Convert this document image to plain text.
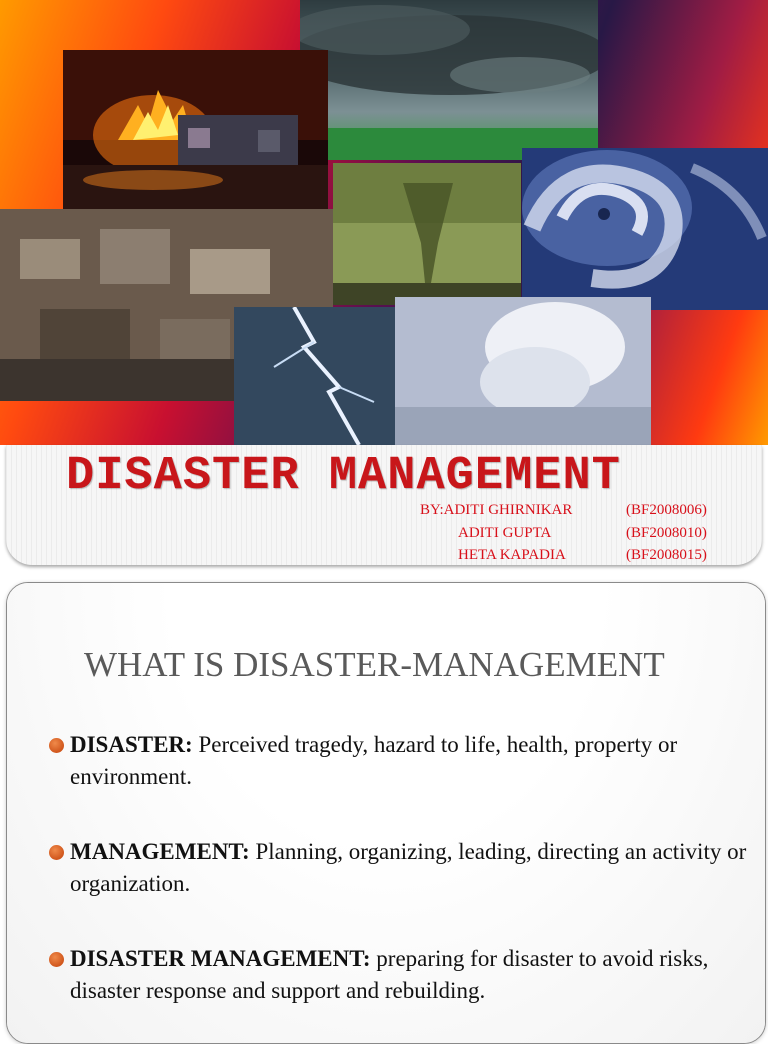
DISASTER MANAGEMENT
BY:ADITI GHIRNIKAR	(BF2008006)
ADITI GUPTA	(BF2008010)
HETA KAPADIA	(BF2008015)
WHAT IS DISASTER-MANAGEMENT
DISASTER: Perceived tragedy, hazard to life, health, property or environment.
MANAGEMENT: Planning, organizing, leading, directing an activity or organization.
DISASTER MANAGEMENT: preparing for disaster to avoid risks, disaster response and support and rebuilding.
